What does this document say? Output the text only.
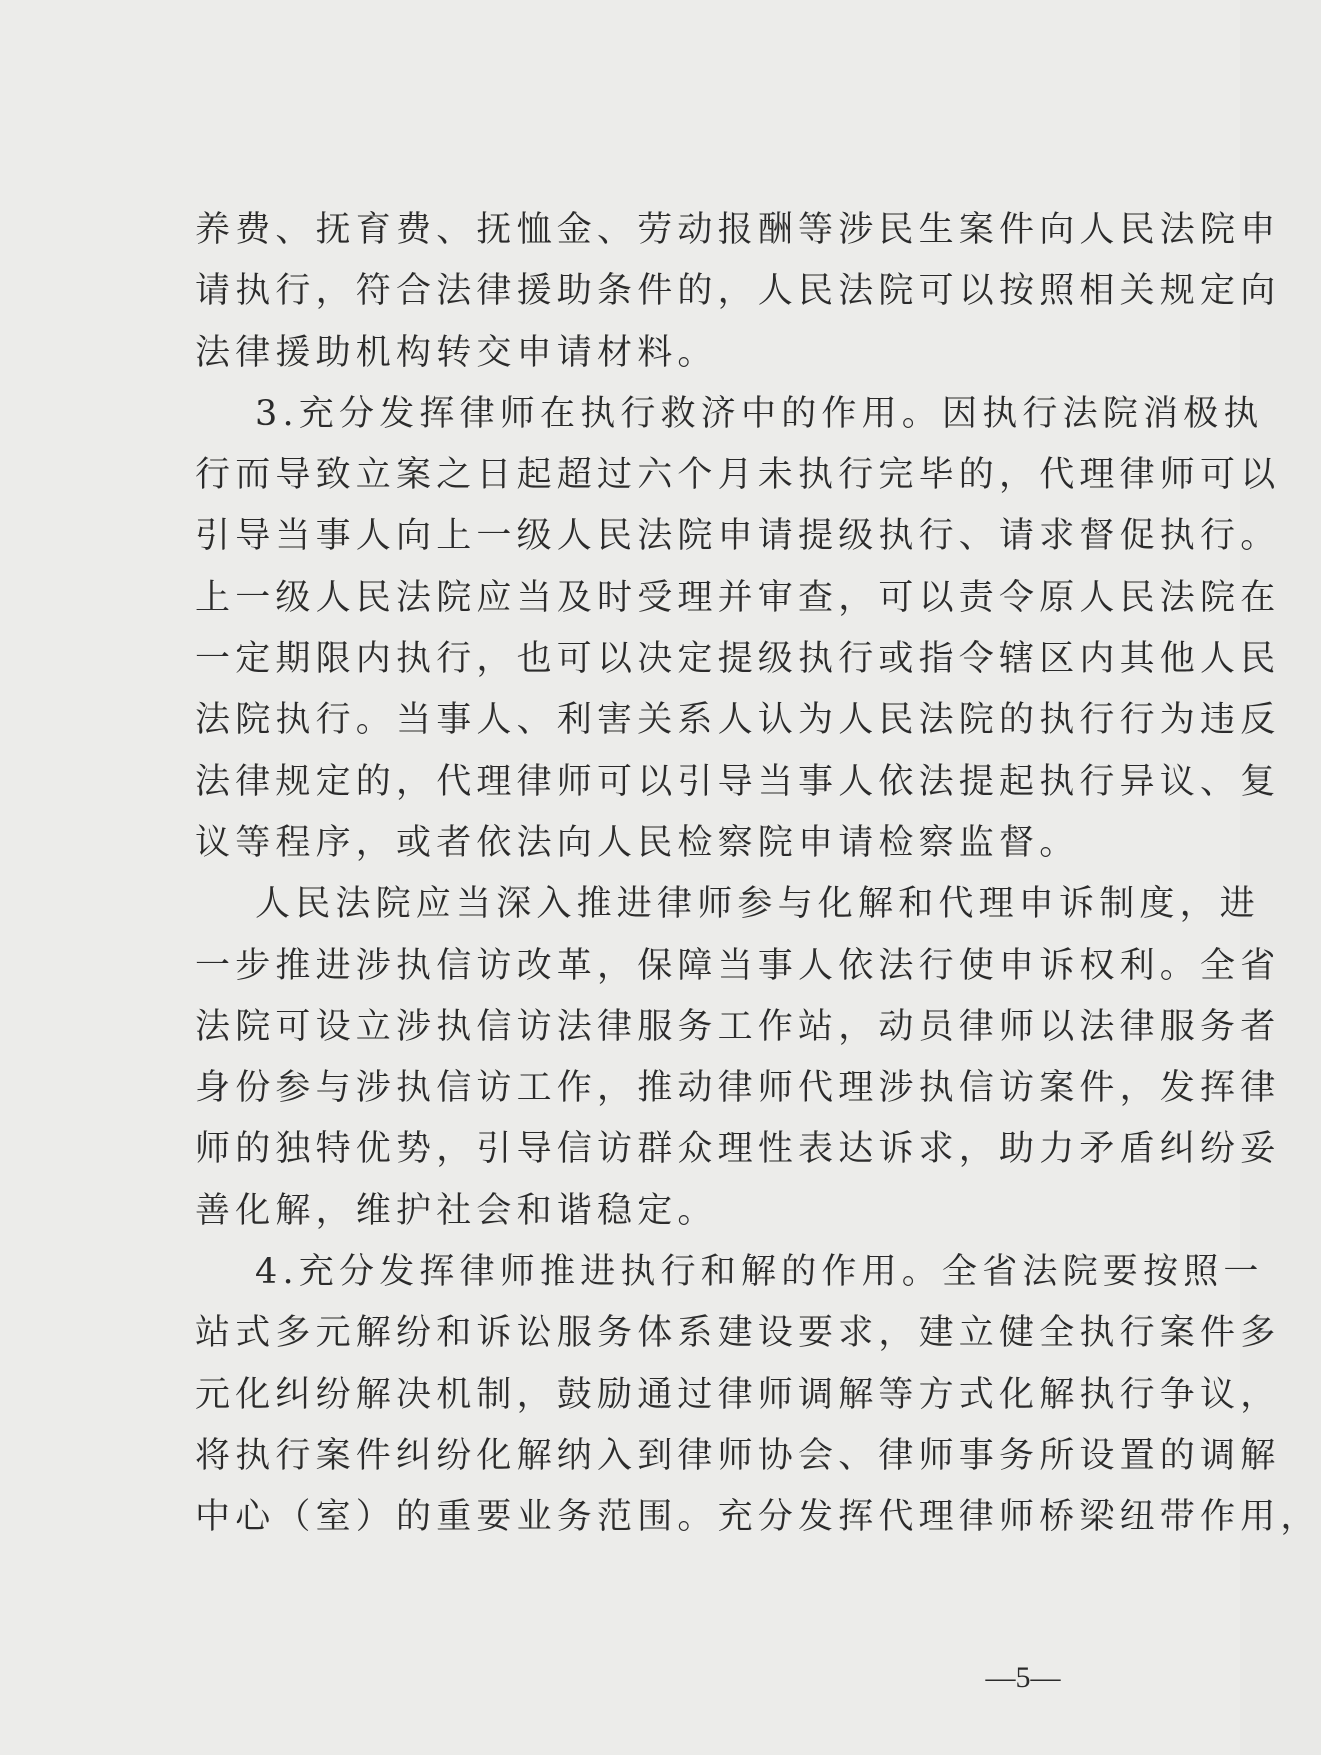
养费、抚育费、抚恤金、劳动报酬等涉民生案件向人民法院申
请执行，符合法律援助条件的，人民法院可以按照相关规定向
法律援助机构转交申请材料。
3.充分发挥律师在执行救济中的作用。因执行法院消极执
行而导致立案之日起超过六个月未执行完毕的，代理律师可以
引导当事人向上一级人民法院申请提级执行、请求督促执行。
上一级人民法院应当及时受理并审查，可以责令原人民法院在
一定期限内执行，也可以决定提级执行或指令辖区内其他人民
法院执行。当事人、利害关系人认为人民法院的执行行为违反
法律规定的，代理律师可以引导当事人依法提起执行异议、复
议等程序，或者依法向人民检察院申请检察监督。
人民法院应当深入推进律师参与化解和代理申诉制度，进
一步推进涉执信访改革，保障当事人依法行使申诉权利。全省
法院可设立涉执信访法律服务工作站，动员律师以法律服务者
身份参与涉执信访工作，推动律师代理涉执信访案件，发挥律
师的独特优势，引导信访群众理性表达诉求，助力矛盾纠纷妥
善化解，维护社会和谐稳定。
4.充分发挥律师推进执行和解的作用。全省法院要按照一
站式多元解纷和诉讼服务体系建设要求，建立健全执行案件多
元化纠纷解决机制，鼓励通过律师调解等方式化解执行争议，
将执行案件纠纷化解纳入到律师协会、律师事务所设置的调解
中心（室）的重要业务范围。充分发挥代理律师桥梁纽带作用，
—5—
